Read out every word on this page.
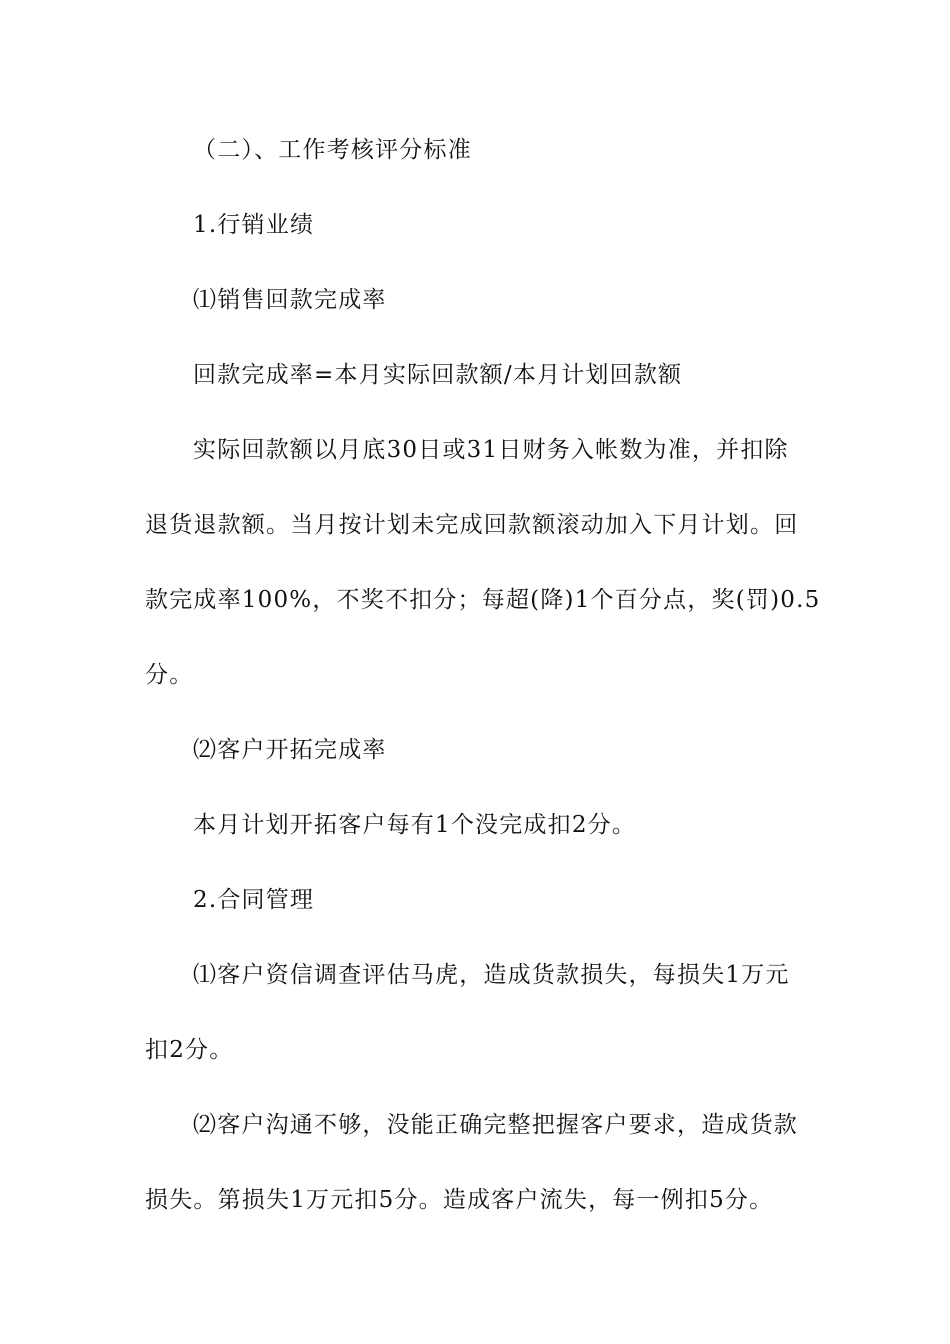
（二）、工作考核评分标准
1.行销业绩
⑴销售回款完成率
回款完成率=本月实际回款额/本月计划回款额
实际回款额以月底30日或31日财务入帐数为准，并扣除
退货退款额。当月按计划未完成回款额滚动加入下月计划。回
款完成率100%，不奖不扣分；每超(降)1个百分点，奖(罚)0.5
分。
⑵客户开拓完成率
本月计划开拓客户每有1个没完成扣2分。
2.合同管理
⑴客户资信调查评估马虎，造成货款损失，每损失1万元
扣2分。
⑵客户沟通不够，没能正确完整把握客户要求，造成货款
损失。第损失1万元扣5分。造成客户流失，每一例扣5分。
